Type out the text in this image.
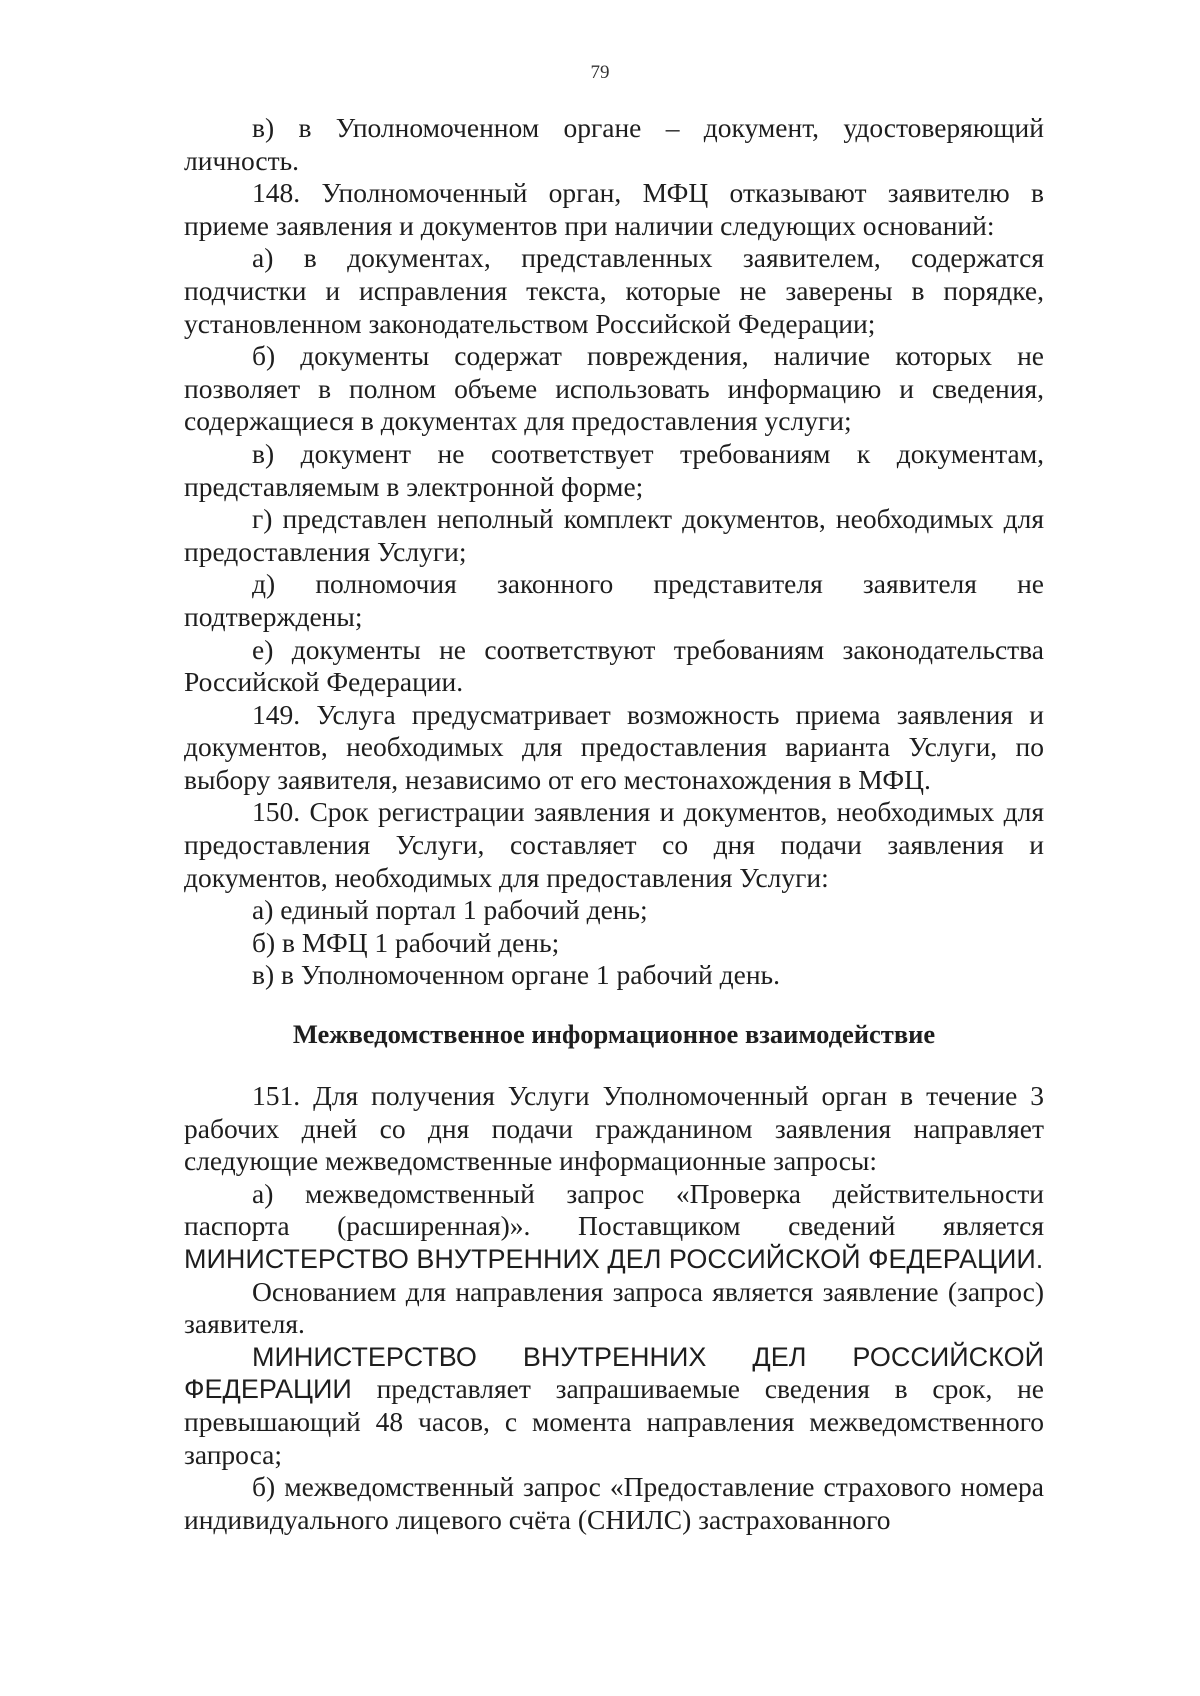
79

в) в Уполномоченном органе – документ, удостоверяющий личность.

148. Уполномоченный орган, МФЦ отказывают заявителю в приеме заявления и документов при наличии следующих оснований:

а) в документах, представленных заявителем, содержатся подчистки и исправления текста, которые не заверены в порядке, установленном законодательством Российской Федерации;

б) документы содержат повреждения, наличие которых не позволяет в полном объеме использовать информацию и сведения, содержащиеся в документах для предоставления услуги;

в) документ не соответствует требованиям к документам, представляемым в электронной форме;

г) представлен неполный комплект документов, необходимых для предоставления Услуги;

д) полномочия законного представителя заявителя не подтверждены;

е) документы не соответствуют требованиям законодательства Российской Федерации.

149. Услуга предусматривает возможность приема заявления и документов, необходимых для предоставления варианта Услуги, по выбору заявителя, независимо от его местонахождения в МФЦ.

150. Срок регистрации заявления и документов, необходимых для предоставления Услуги, составляет со дня подачи заявления и документов, необходимых для предоставления Услуги:

а) единый портал 1 рабочий день;

б) в МФЦ 1 рабочий день;

в) в Уполномоченном органе 1 рабочий день.

Межведомственное информационное взаимодействие

151. Для получения Услуги Уполномоченный орган в течение 3 рабочих дней со дня подачи гражданином заявления направляет следующие межведомственные информационные запросы:

а) межведомственный запрос «Проверка действительности паспорта (расширенная)». Поставщиком сведений является МИНИСТЕРСТВО ВНУТРЕННИХ ДЕЛ РОССИЙСКОЙ ФЕДЕРАЦИИ.

Основанием для направления запроса является заявление (запрос) заявителя.

МИНИСТЕРСТВО ВНУТРЕННИХ ДЕЛ РОССИЙСКОЙ ФЕДЕРАЦИИ представляет запрашиваемые сведения в срок, не превышающий 48 часов, с момента направления межведомственного запроса;

б) межведомственный запрос «Предоставление страхового номера индивидуального лицевого счёта (СНИЛС) застрахованного
